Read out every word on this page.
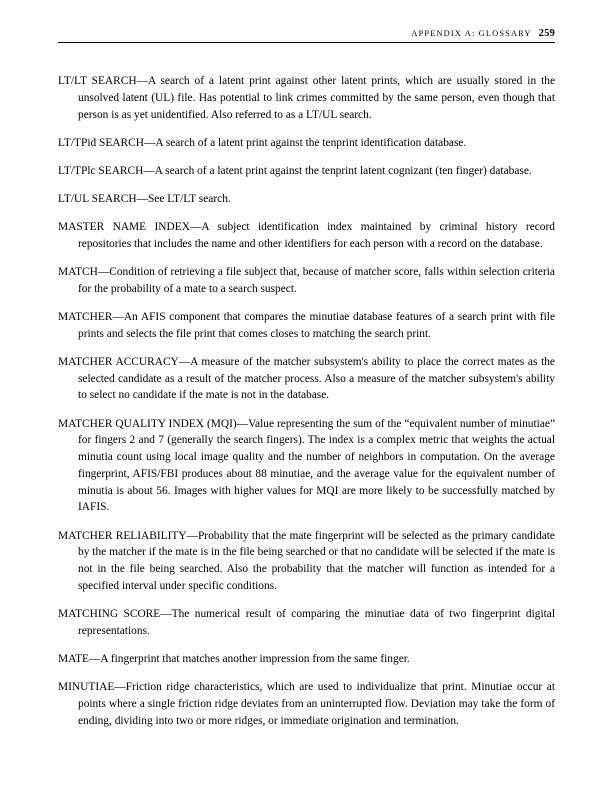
APPENDIX A: GLOSSARY 259

LT/LT SEARCH—A search of a latent print against other latent prints, which are usually stored in the unsolved latent (UL) file. Has potential to link crimes committed by the same person, even though that person is as yet unidentified. Also referred to as a LT/UL search.

LT/TPid SEARCH—A search of a latent print against the tenprint identification database.

LT/TPlc SEARCH—A search of a latent print against the tenprint latent cognizant (ten finger) database.

LT/UL SEARCH—See LT/LT search.

MASTER NAME INDEX—A subject identification index maintained by criminal history record repositories that includes the name and other identifiers for each person with a record on the database.

MATCH—Condition of retrieving a file subject that, because of matcher score, falls within selection criteria for the probability of a mate to a search suspect.

MATCHER—An AFIS component that compares the minutiae database features of a search print with file prints and selects the file print that comes closes to matching the search print.

MATCHER ACCURACY—A measure of the matcher subsystem's ability to place the correct mates as the selected candidate as a result of the matcher process. Also a measure of the matcher subsystem's ability to select no candidate if the mate is not in the database.

MATCHER QUALITY INDEX (MQI)—Value representing the sum of the “equivalent number of minutiae” for fingers 2 and 7 (generally the search fingers). The index is a complex metric that weights the actual minutia count using local image quality and the number of neighbors in computation. On the average fingerprint, AFIS/FBI produces about 88 minutiae, and the average value for the equivalent number of minutia is about 56. Images with higher values for MQI are more likely to be successfully matched by IAFIS.

MATCHER RELIABILITY—Probability that the mate fingerprint will be selected as the primary candidate by the matcher if the mate is in the file being searched or that no candidate will be selected if the mate is not in the file being searched. Also the probability that the matcher will function as intended for a specified interval under specific conditions.

MATCHING SCORE—The numerical result of comparing the minutiae data of two fingerprint digital representations.

MATE—A fingerprint that matches another impression from the same finger.

MINUTIAE—Friction ridge characteristics, which are used to individualize that print. Minutiae occur at points where a single friction ridge deviates from an uninterrupted flow. Deviation may take the form of ending, dividing into two or more ridges, or immediate origination and termination.
